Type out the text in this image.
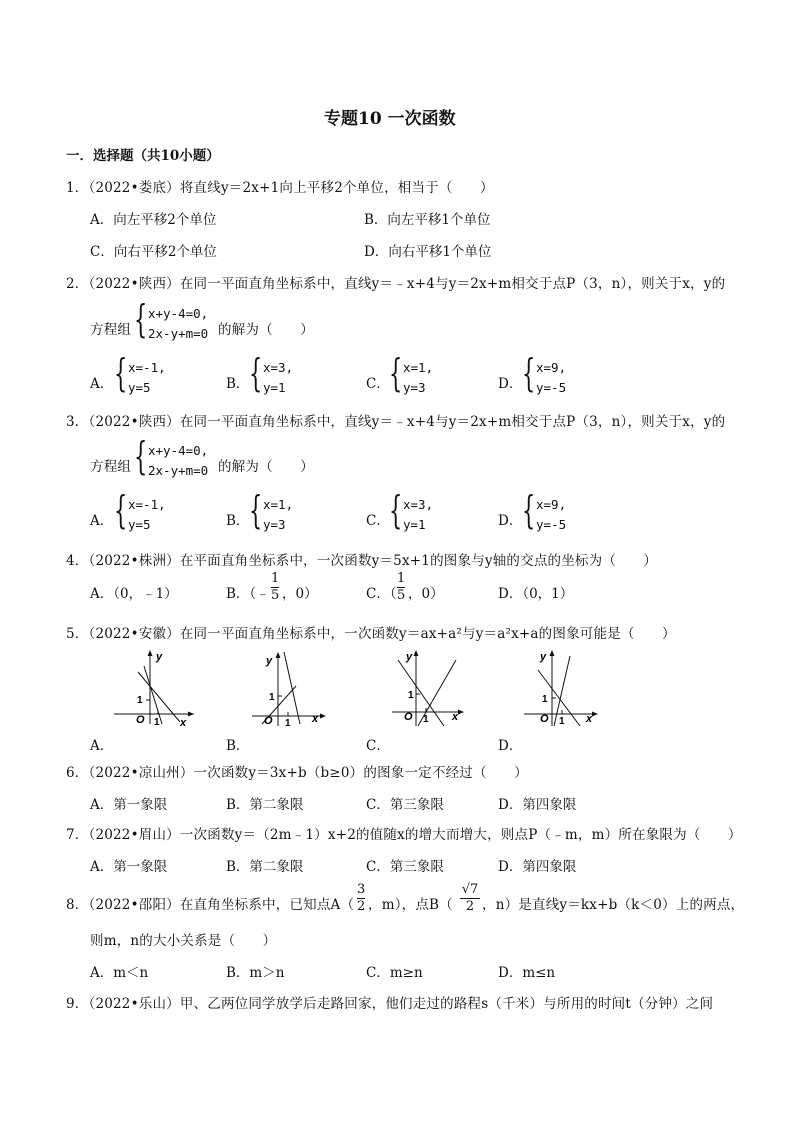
专题10 一次函数
一．选择题（共10小题）
1．（2022•娄底）将直线y＝2x+1向上平移2个单位，相当于（　　）
A．向左平移2个单位	B．向左平移1个单位
C．向右平移2个单位	D．向右平移1个单位
2．（2022•陕西）在同一平面直角坐标系中，直线y＝﹣x+4与y＝2x+m相交于点P（3，n），则关于x，y的
方程组 { x+y-4=0,
2x-y+m=0 的解为（　　）
A． { x=-1,
y=5	B． { x=3,
y=1	C． { x=1,
y=3	D． { x=9,
y=-5
3．（2022•陕西）在同一平面直角坐标系中，直线y＝﹣x+4与y＝2x+m相交于点P（3，n），则关于x，y的
方程组 { x+y-4=0,
2x-y+m=0 的解为（　　）
A． { x=-1,
y=5	B． { x=1,
y=3	C． { x=3,
y=1	D． { x=9,
y=-5
4．（2022•株洲）在平面直角坐标系中，一次函数y＝5x+1的图象与y轴的交点的坐标为（　　）
A．（0，﹣1）	B．（﹣
1
5 ，0）	C．（
1
5 ，0）	D．（0，1）
5．（2022•安徽）在同一平面直角坐标系中，一次函数y＝ax+a²与y＝a²x+a的图象可能是（　　）
y
x
O
1
1
A．
y
x
O
1
1
B．
y
x
O
1
1
C．
y
x
O
1
1
D．
6．（2022•凉山州）一次函数y＝3x+b（b≥0）的图象一定不经过（　　）
A．第一象限	B．第二象限	C．第三象限	D．第四象限
7．（2022•眉山）一次函数y＝（2m﹣1）x+2的值随x的增大而增大，则点P（﹣m，m）所在象限为（　　）
A．第一象限	B．第二象限	C．第三象限	D．第四象限
8．（2022•邵阳）在直角坐标系中，已知点A（
3
2 ，m），点B（
√7
2 ，n）是直线y＝kx+b（k＜0）上的两点，
则m，n的大小关系是（　　）
A．m＜n	B．m＞n	C．m≥n	D．m≤n
9．（2022•乐山）甲、乙两位同学放学后走路回家，他们走过的路程s（千米）与所用的时间t（分钟）之间
